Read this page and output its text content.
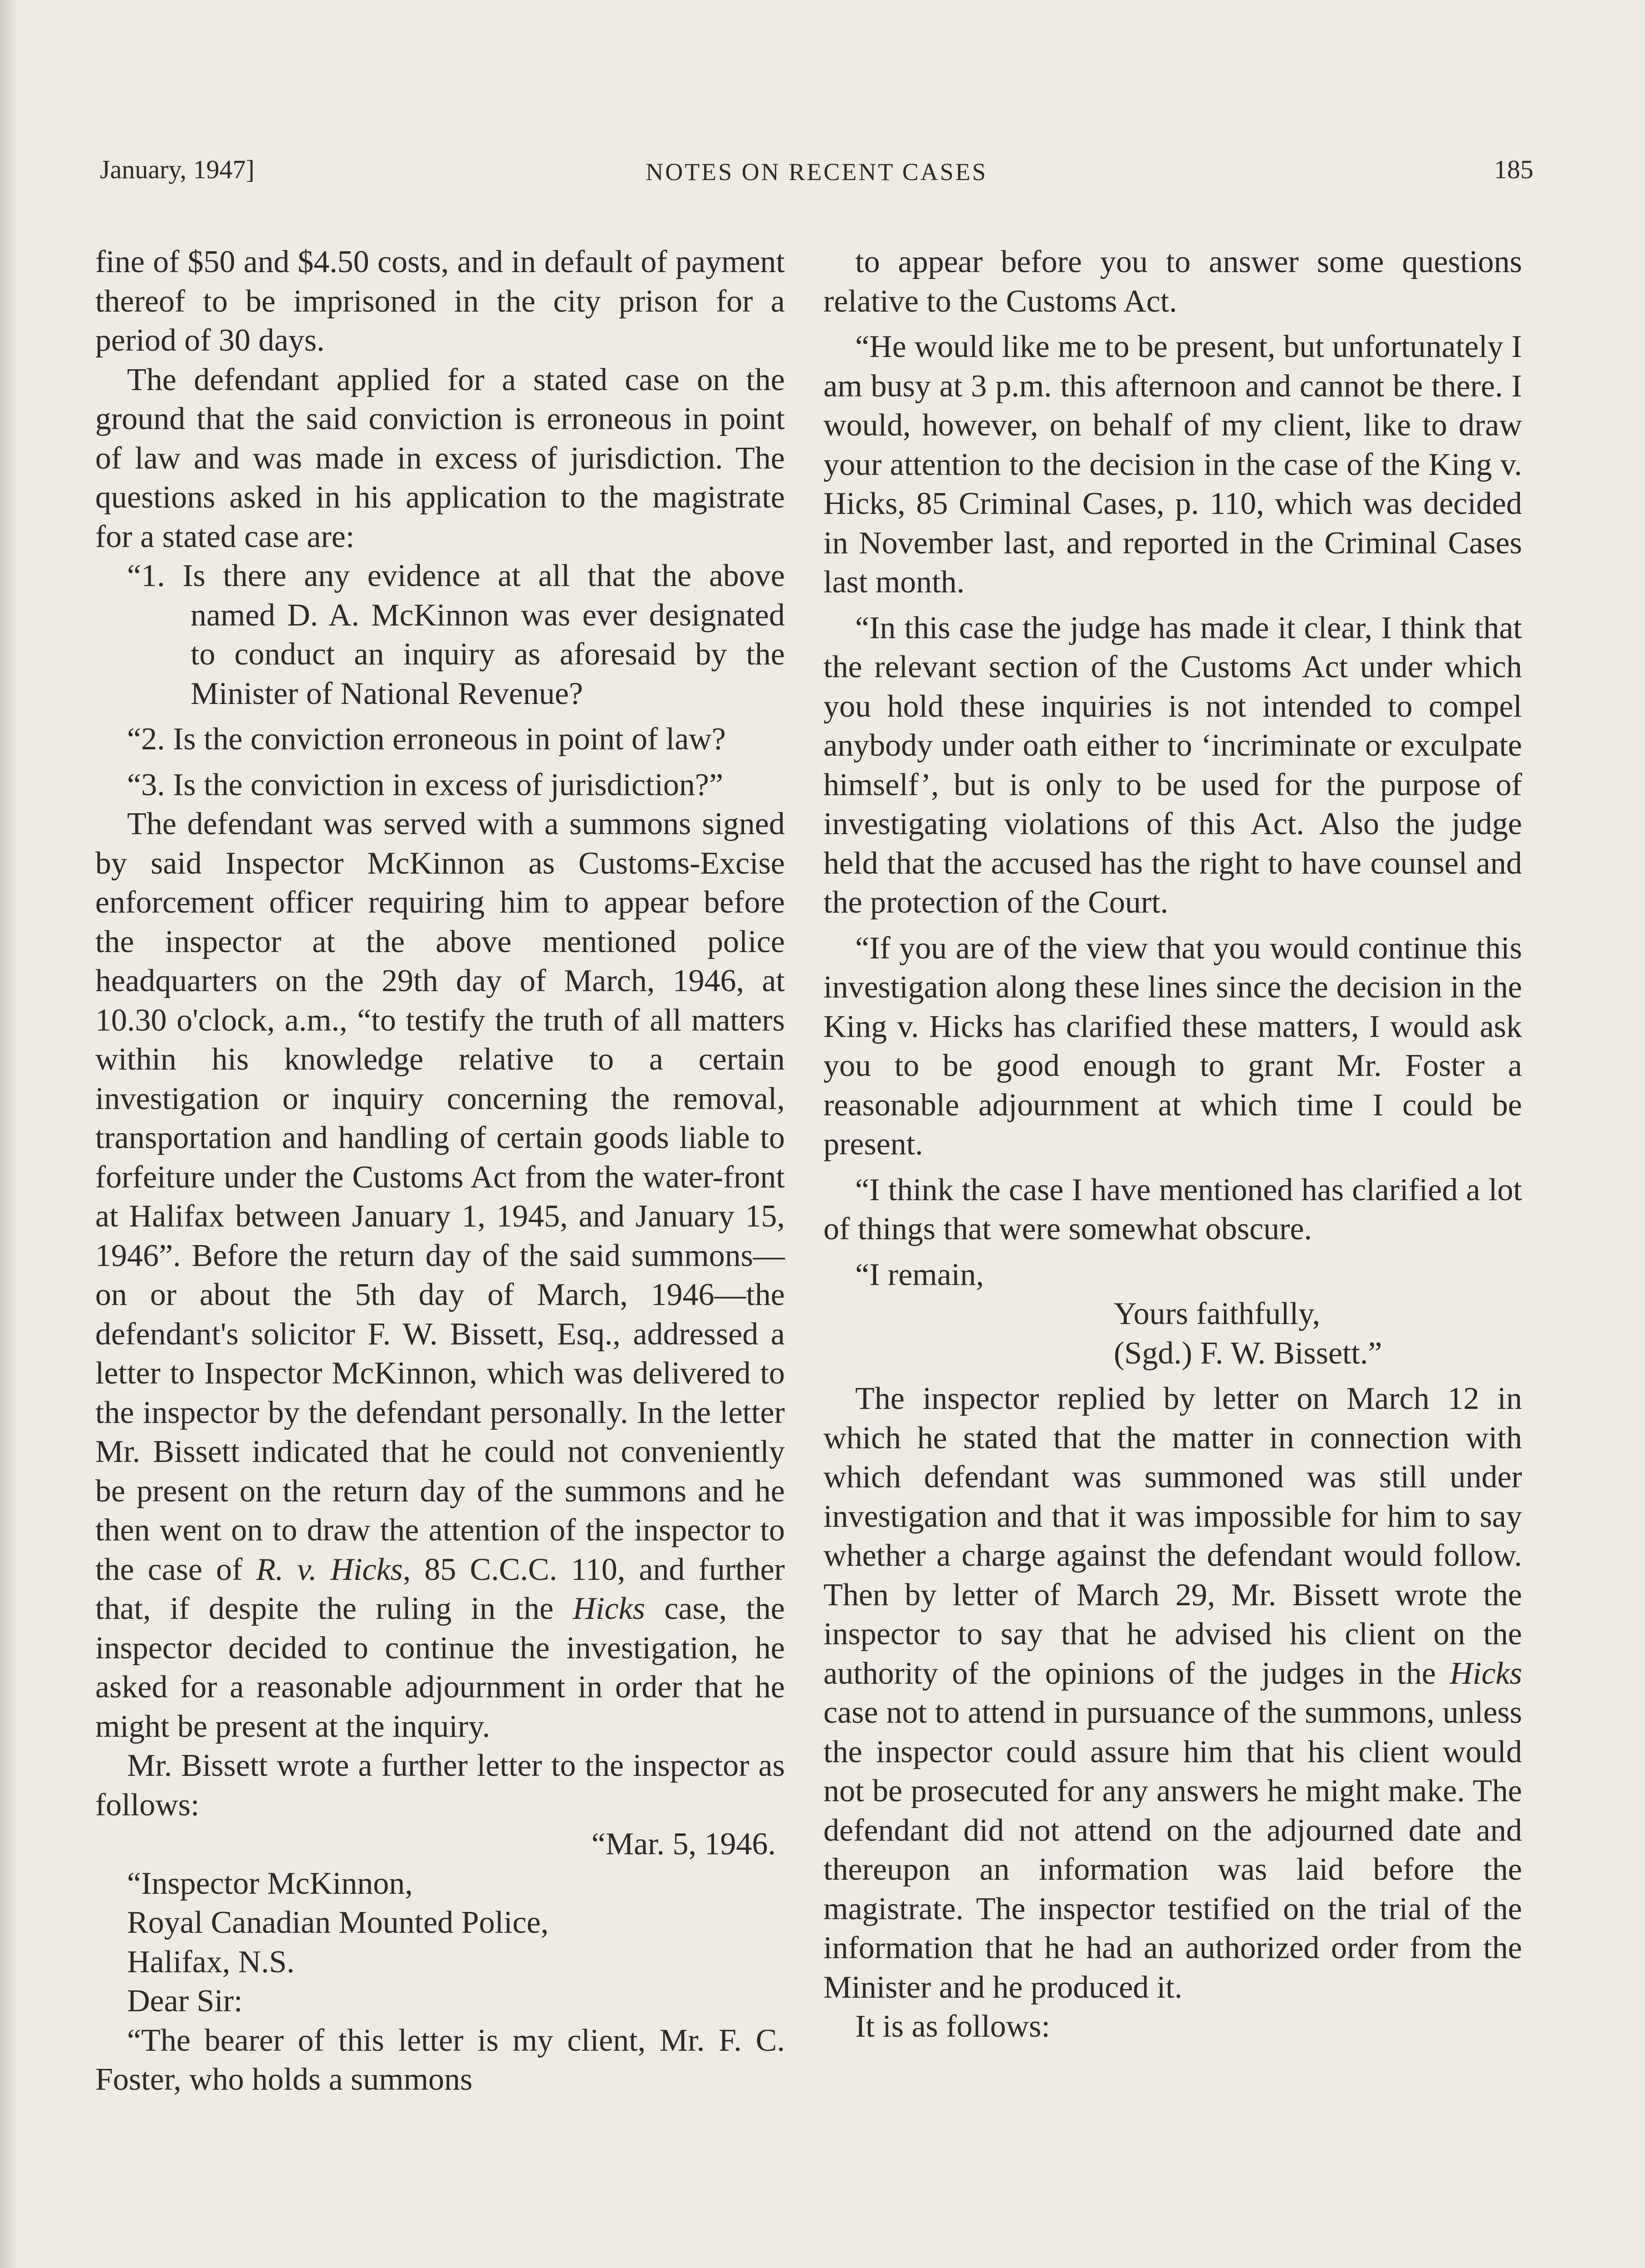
January, 1947]	NOTES ON RECENT CASES	185

fine of $50 and $4.50 costs, and in default of payment thereof to be imprisoned in the city prison for a period of 30 days.

The defendant applied for a stated case on the ground that the said conviction is erroneous in point of law and was made in excess of jurisdiction. The questions asked in his application to the magistrate for a stated case are:

“1. Is there any evidence at all that the above named D. A. McKinnon was ever designated to conduct an inquiry as aforesaid by the Minister of National Revenue?

“2. Is the conviction erroneous in point of law?

“3. Is the conviction in excess of jurisdiction?”

The defendant was served with a summons signed by said Inspector McKinnon as Customs-Excise enforcement officer requiring him to appear before the inspector at the above mentioned police headquarters on the 29th day of March, 1946, at 10.30 o'clock, a.m., “to testify the truth of all matters within his knowledge relative to a certain investigation or inquiry concerning the removal, transportation and handling of certain goods liable to forfeiture under the Customs Act from the water-front at Halifax between January 1, 1945, and January 15, 1946”. Before the return day of the said summons—on or about the 5th day of March, 1946—the defendant's solicitor F. W. Bissett, Esq., addressed a letter to Inspector McKinnon, which was delivered to the inspector by the defendant personally. In the letter Mr. Bissett indicated that he could not conveniently be present on the return day of the summons and he then went on to draw the attention of the inspector to the case of R. v. Hicks, 85 C.C.C. 110, and further that, if despite the ruling in the Hicks case, the inspector decided to continue the investigation, he asked for a reasonable adjournment in order that he might be present at the inquiry.

Mr. Bissett wrote a further letter to the inspector as follows:

“Mar. 5, 1946.

“Inspector McKinnon,

Royal Canadian Mounted Police,

Halifax, N.S.

Dear Sir:

“The bearer of this letter is my client, Mr. F. C. Foster, who holds a summons

to appear before you to answer some questions relative to the Customs Act.

“He would like me to be present, but unfortunately I am busy at 3 p.m. this afternoon and cannot be there. I would, however, on behalf of my client, like to draw your attention to the decision in the case of the King v. Hicks, 85 Criminal Cases, p. 110, which was decided in November last, and reported in the Criminal Cases last month.

“In this case the judge has made it clear, I think that the relevant section of the Customs Act under which you hold these inquiries is not intended to compel anybody under oath either to ‘incriminate or exculpate himself’, but is only to be used for the purpose of investigating violations of this Act. Also the judge held that the accused has the right to have counsel and the protection of the Court.

“If you are of the view that you would continue this investigation along these lines since the decision in the King v. Hicks has clarified these matters, I would ask you to be good enough to grant Mr. Foster a reasonable adjournment at which time I could be present.

“I think the case I have mentioned has clarified a lot of things that were somewhat obscure.

“I remain,

Yours faithfully,

(Sgd.) F. W. Bissett.”

The inspector replied by letter on March 12 in which he stated that the matter in connection with which defendant was summoned was still under investigation and that it was impossible for him to say whether a charge against the defendant would follow. Then by letter of March 29, Mr. Bissett wrote the inspector to say that he advised his client on the authority of the opinions of the judges in the Hicks case not to attend in pursuance of the summons, unless the inspector could assure him that his client would not be prosecuted for any answers he might make. The defendant did not attend on the adjourned date and thereupon an information was laid before the magistrate. The inspector testified on the trial of the information that he had an authorized order from the Minister and he produced it.

It is as follows:
